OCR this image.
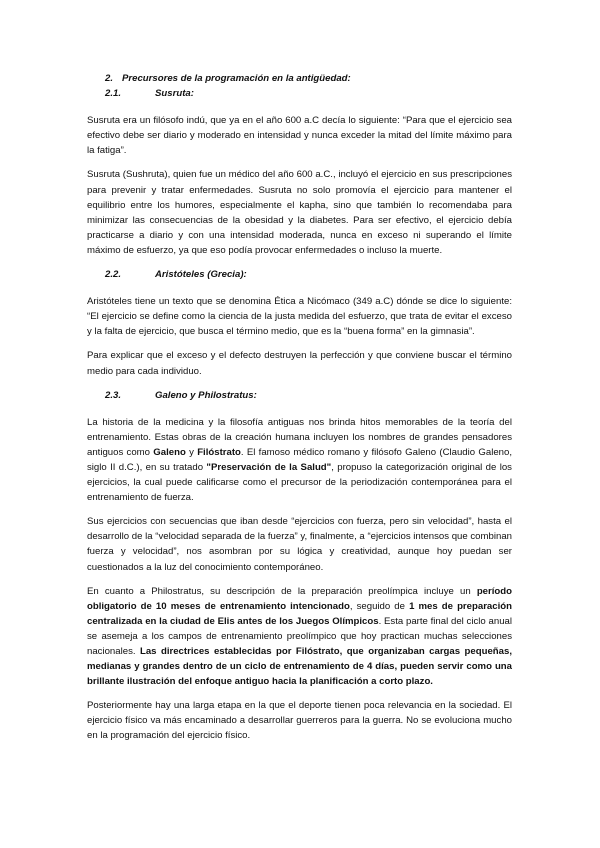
2. Precursores de la programación en la antigüedad:
2.1.	Susruta:

Susruta era un filósofo indú, que ya en el año 600 a.C decía lo siguiente: “Para que el ejercicio sea efectivo debe ser diario y moderado en intensidad y nunca exceder la mitad del límite máximo para la fatiga”.

Susruta (Sushruta), quien fue un médico del año 600 a.C., incluyó el ejercicio en sus prescripciones para prevenir y tratar enfermedades. Susruta no solo promovía el ejercicio para mantener el equilibrio entre los humores, especialmente el kapha, sino que también lo recomendaba para minimizar las consecuencias de la obesidad y la diabetes. Para ser efectivo, el ejercicio debía practicarse a diario y con una intensidad moderada, nunca en exceso ni superando el límite máximo de esfuerzo, ya que eso podía provocar enfermedades o incluso la muerte.

2.2.	Aristóteles (Grecia):

Aristóteles tiene un texto que se denomina Ética a Nicómaco (349 a.C) dónde se dice lo siguiente: “El ejercicio se define como la ciencia de la justa medida del esfuerzo, que trata de evitar el exceso y la falta de ejercicio, que busca el término medio, que es la “buena forma” en la gimnasia”.

Para explicar que el exceso y el defecto destruyen la perfección y que conviene buscar el término medio para cada individuo.

2.3.	Galeno y Philostratus:

La historia de la medicina y la filosofía antiguas nos brinda hitos memorables de la teoría del entrenamiento. Estas obras de la creación humana incluyen los nombres de grandes pensadores antiguos como Galeno y Filóstrato. El famoso médico romano y filósofo Galeno (Claudio Galeno, siglo II d.C.), en su tratado "Preservación de la Salud", propuso la categorización original de los ejercicios, la cual puede calificarse como el precursor de la periodización contemporánea para el entrenamiento de fuerza.

Sus ejercicios con secuencias que iban desde “ejercicios con fuerza, pero sin velocidad”, hasta el desarrollo de la “velocidad separada de la fuerza” y, finalmente, a “ejercicios intensos que combinan fuerza y velocidad”, nos asombran por su lógica y creatividad, aunque hoy puedan ser cuestionados a la luz del conocimiento contemporáneo.

En cuanto a Philostratus, su descripción de la preparación preolímpica incluye un período obligatorio de 10 meses de entrenamiento intencionado, seguido de 1 mes de preparación centralizada en la ciudad de Elis antes de los Juegos Olímpicos. Esta parte final del ciclo anual se asemeja a los campos de entrenamiento preolímpico que hoy practican muchas selecciones nacionales. Las directrices establecidas por Filóstrato, que organizaban cargas pequeñas, medianas y grandes dentro de un ciclo de entrenamiento de 4 días, pueden servir como una brillante ilustración del enfoque antiguo hacia la planificación a corto plazo.

Posteriormente hay una larga etapa en la que el deporte tienen poca relevancia en la sociedad. El ejercicio físico va más encaminado a desarrollar guerreros para la guerra. No se evoluciona mucho en la programación del ejercicio físico.
